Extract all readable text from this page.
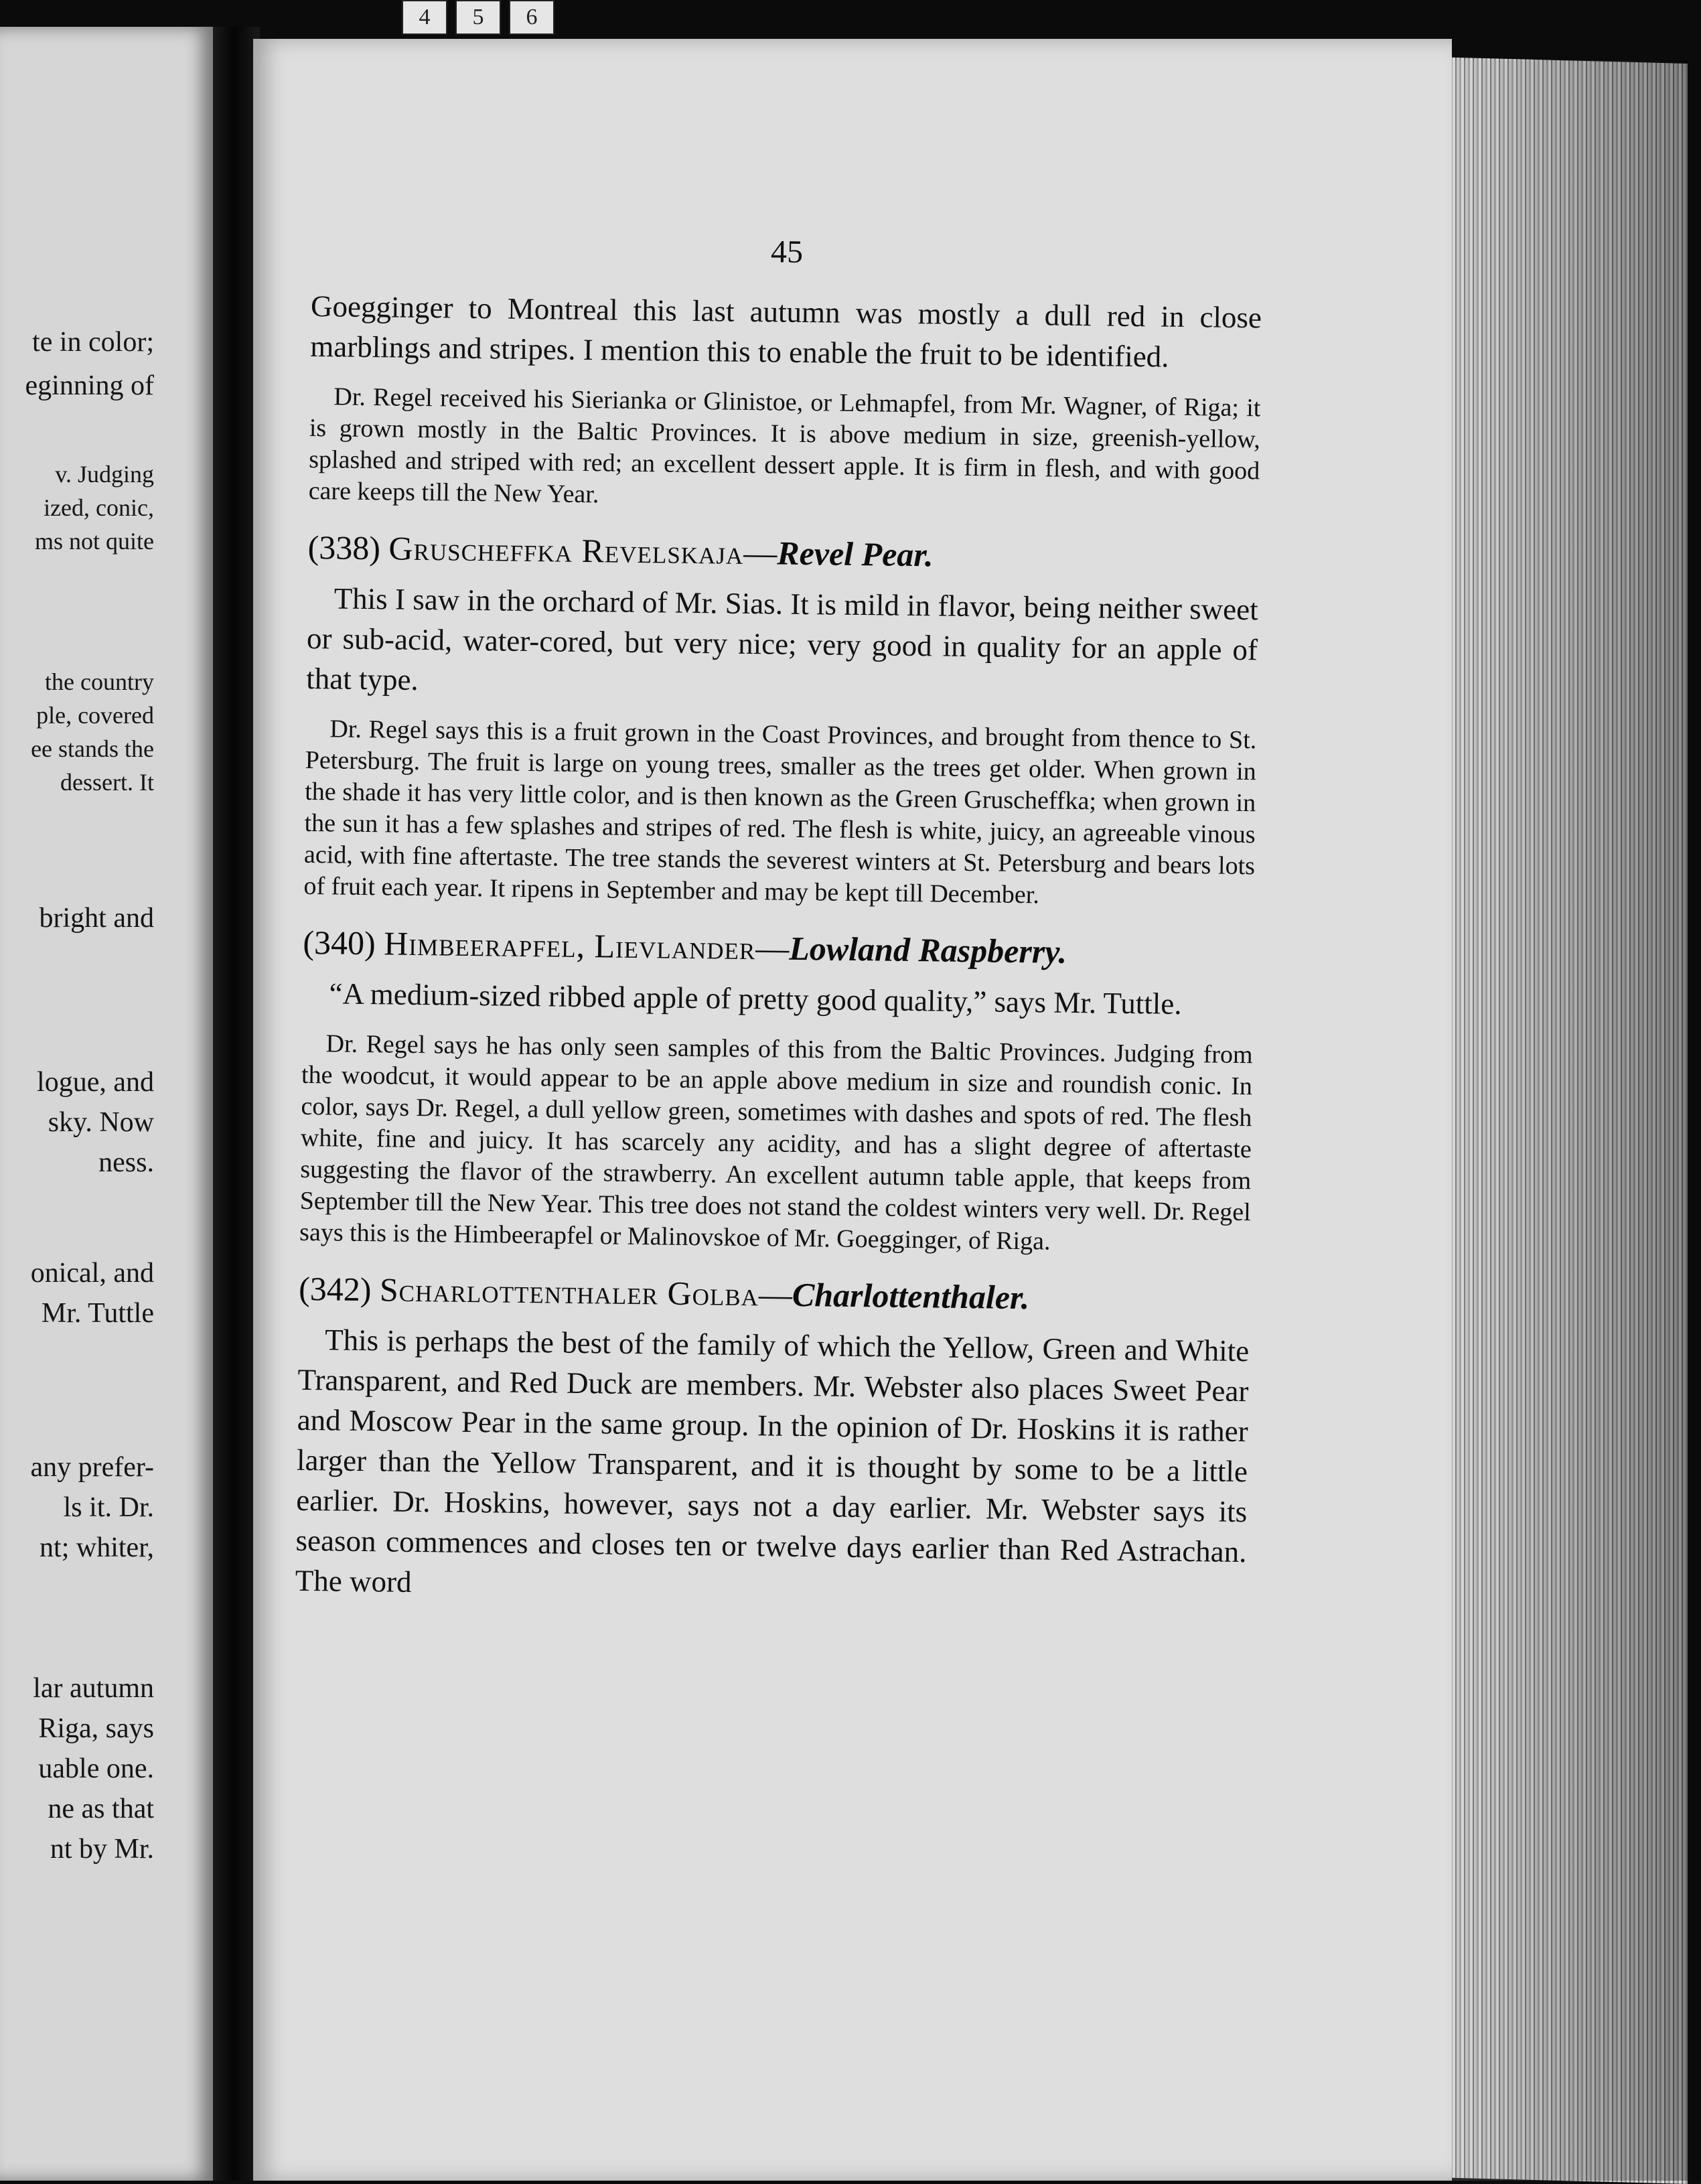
4	5	6
te in color;
eginning of
v. Judging
ized, conic,
ms not quite
the country
ple, covered
ee stands the
dessert. It
bright and
logue, and
sky. Now
ness.
onical, and
Mr. Tuttle
any prefer-
ls it. Dr.
nt; whiter,
lar autumn
Riga, says
uable one.
ne as that
nt by Mr.
45

Goegginger to Montreal this last autumn was mostly a dull red in close marblings and stripes. I mention this to enable the fruit to be identified.

Dr. Regel received his Sierianka or Glinistoe, or Lehmapfel, from Mr. Wagner, of Riga; it is grown mostly in the Baltic Provinces. It is above medium in size, greenish-yellow, splashed and striped with red; an excellent dessert apple. It is firm in flesh, and with good care keeps till the New Year.

(338) Gruscheffka Revelskaja—Revel Pear.

This I saw in the orchard of Mr. Sias. It is mild in flavor, being neither sweet or sub-acid, water-cored, but very nice; very good in quality for an apple of that type.

Dr. Regel says this is a fruit grown in the Coast Provinces, and brought from thence to St. Petersburg. The fruit is large on young trees, smaller as the trees get older. When grown in the shade it has very little color, and is then known as the Green Gruscheffka; when grown in the sun it has a few splashes and stripes of red. The flesh is white, juicy, an agreeable vinous acid, with fine aftertaste. The tree stands the severest winters at St. Petersburg and bears lots of fruit each year. It ripens in September and may be kept till December.

(340) Himbeerapfel, Lievlander—Lowland Raspberry.

“A medium-sized ribbed apple of pretty good quality,” says Mr. Tuttle.

Dr. Regel says he has only seen samples of this from the Baltic Provinces. Judging from the woodcut, it would appear to be an apple above medium in size and roundish conic. In color, says Dr. Regel, a dull yellow green, sometimes with dashes and spots of red. The flesh white, fine and juicy. It has scarcely any acidity, and has a slight degree of aftertaste suggesting the flavor of the strawberry. An excellent autumn table apple, that keeps from September till the New Year. This tree does not stand the coldest winters very well. Dr. Regel says this is the Himbeerapfel or Malinovskoe of Mr. Goegginger, of Riga.

(342) Scharlottenthaler Golba—Charlottenthaler.

This is perhaps the best of the family of which the Yellow, Green and White Transparent, and Red Duck are members. Mr. Webster also places Sweet Pear and Moscow Pear in the same group. In the opinion of Dr. Hoskins it is rather larger than the Yellow Transparent, and it is thought by some to be a little earlier. Dr. Hoskins, however, says not a day earlier. Mr. Webster says its season commences and closes ten or twelve days earlier than Red Astrachan. The word
